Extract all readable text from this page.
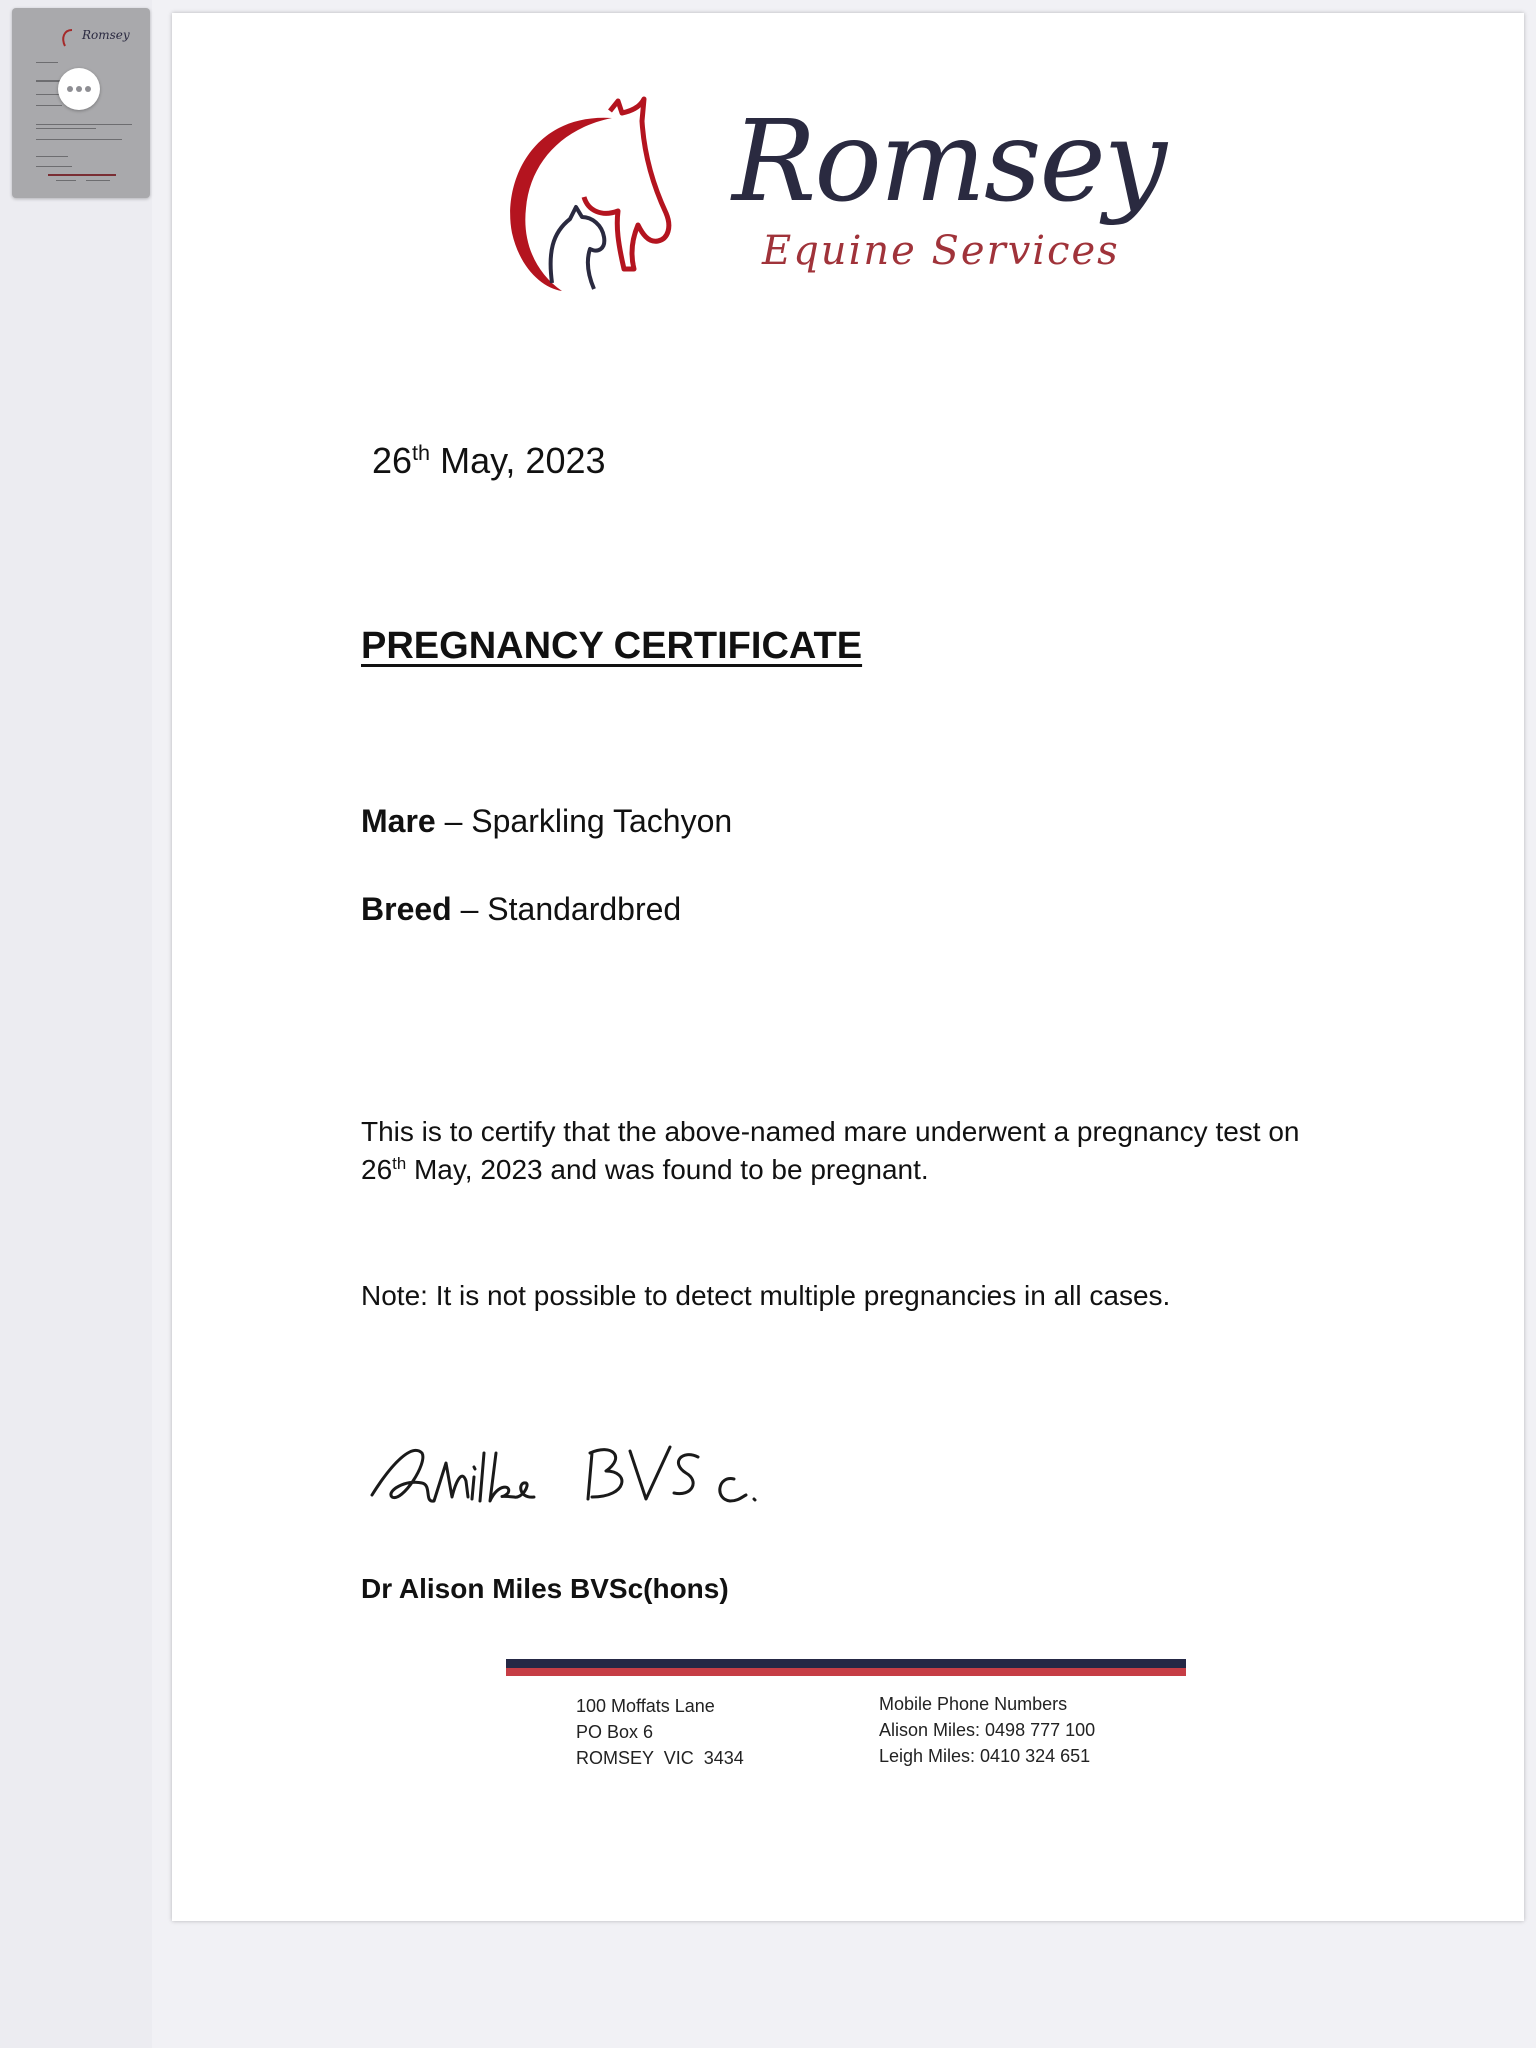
Romsey
Romsey
Equine Services
26th May, 2023
PREGNANCY CERTIFICATE
Mare – Sparkling Tachyon
Breed – Standardbred
This is to certify that the above-named mare underwent a pregnancy test on
26th May, 2023 and was found to be pregnant.
Note: It is not possible to detect multiple pregnancies in all cases.
Dr Alison Miles BVSc(hons)
100 Moffats Lane
PO Box 6
ROMSEY  VIC  3434
Mobile Phone Numbers
Alison Miles: 0498 777 100
Leigh Miles: 0410 324 651
